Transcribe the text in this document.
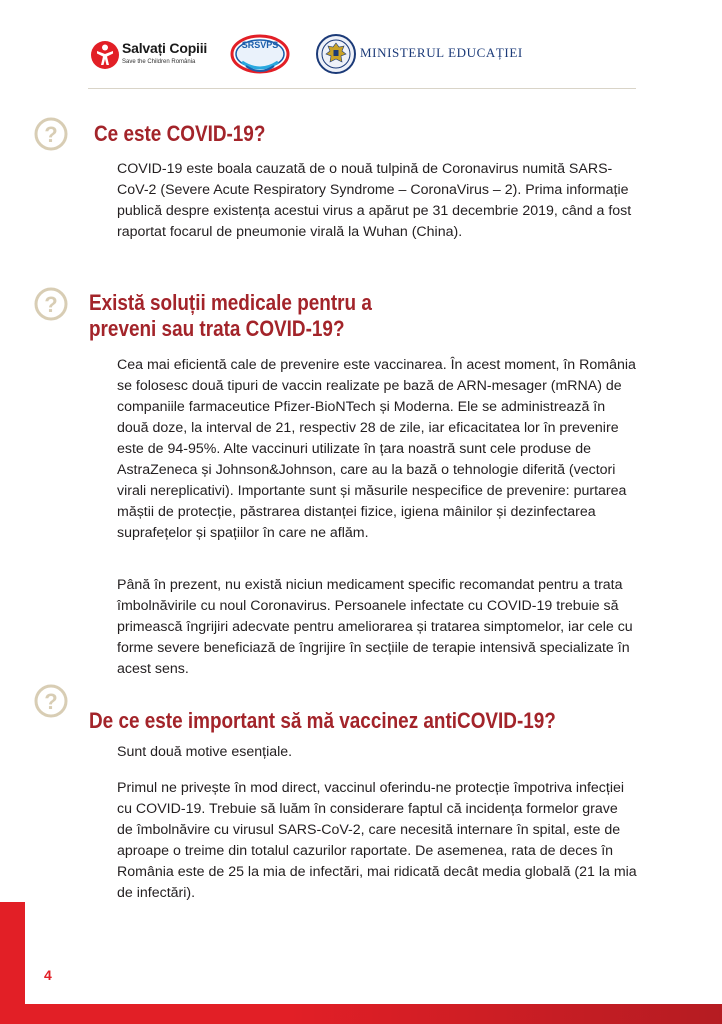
Salvați Copiii
Save the Children România
SRSVPS	MINISTERUL EDUCAȚIEI
? Ce este COVID-19?

COVID-19 este boala cauzată de o nouă tulpină de Coronavirus numită SARS-CoV-2 (Severe Acute Respiratory Syndrome – CoronaVirus – 2). Prima informație publică despre existența acestui virus a apărut pe 31 decembrie 2019, când a fost raportat focarul de pneumonie virală la Wuhan (China).

? Există soluții medicale pentru a
preveni sau trata COVID-19?

Cea mai eficientă cale de prevenire este vaccinarea. În acest moment, în România se folosesc două tipuri de vaccin realizate pe bază de ARN-mesager (mRNA) de companiile farmaceutice Pfizer-BioNTech și Moderna. Ele se administrează în două doze, la interval de 21, respectiv 28 de zile, iar eficacitatea lor în prevenire este de 94-95%. Alte vaccinuri utilizate în țara noastră sunt cele produse de AstraZeneca și Johnson&Johnson, care au la bază o tehnologie diferită (vectori virali nereplicativi). Importante sunt și măsurile nespecifice de prevenire: purtarea măștii de protecție, păstrarea distanței fizice, igiena mâinilor și dezinfectarea suprafețelor și spațiilor în care ne aflăm.

Până în prezent, nu există niciun medicament specific recomandat pentru a trata îmbolnăvirile cu noul Coronavirus. Persoanele infectate cu COVID-19 trebuie să primească îngrijiri adecvate pentru ameliorarea și tratarea simptomelor, iar cele cu forme severe beneficiază de îngrijire în secțiile de terapie intensivă specializate în acest sens.

?
De ce este important să mă vaccinez antiCOVID-19?

Sunt două motive esențiale.

Primul ne privește în mod direct, vaccinul oferindu-ne protecție împotriva infecției cu COVID-19. Trebuie să luăm în considerare faptul că incidența formelor grave de îmbolnăvire cu virusul SARS-CoV-2, care necesită internare în spital, este de aproape o treime din totalul cazurilor raportate. De asemenea, rata de deces în România este de 25 la mia de infectări, mai ridicată decât media globală (21 la mia de infectări).

4
